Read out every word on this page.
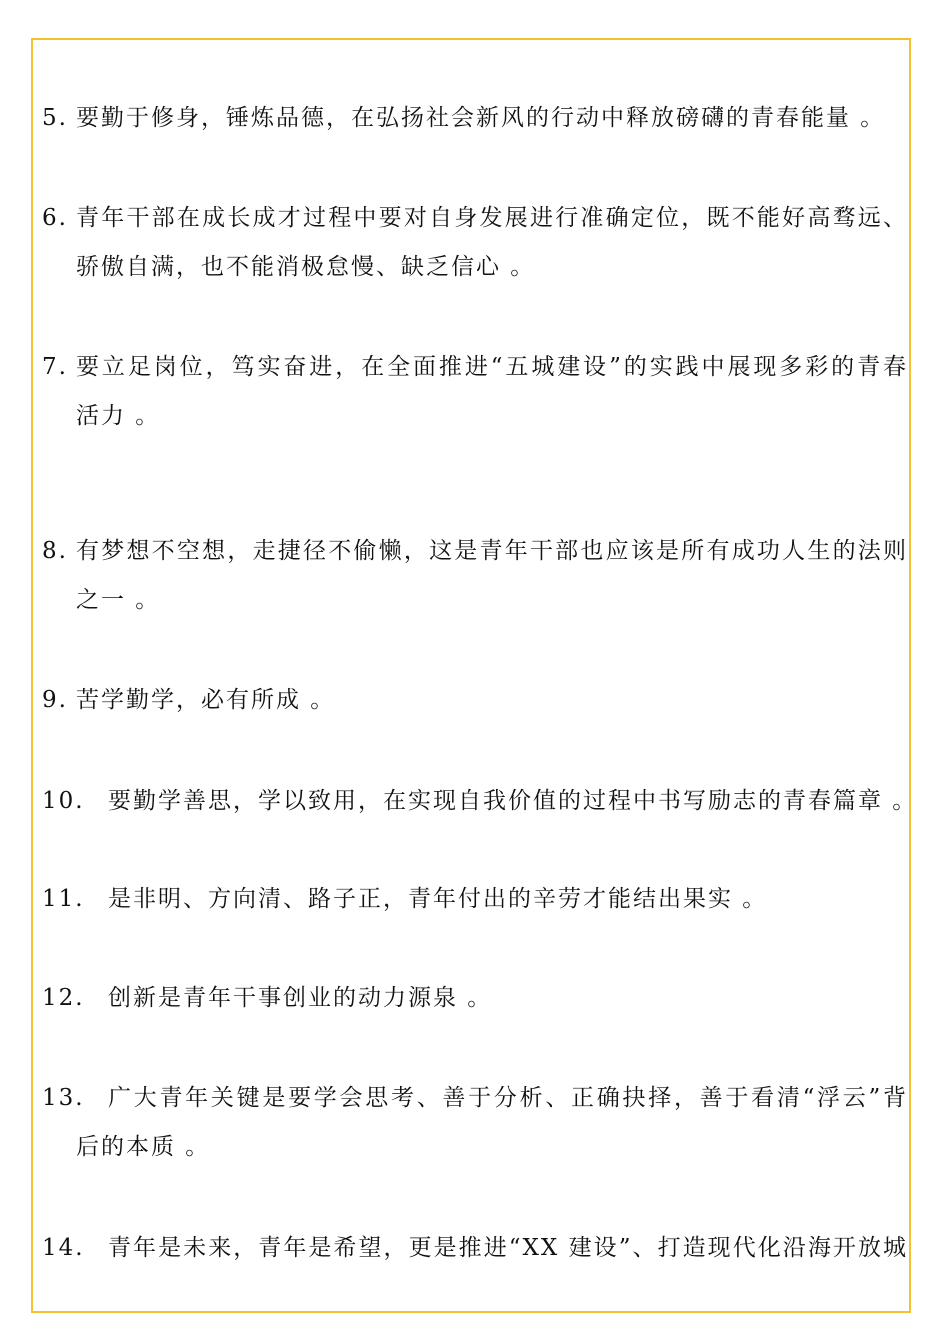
5. 要勤于修身，锤炼品德，在弘扬社会新风的行动中释放磅礴的青春能量 。
6. 青年干部在成长成才过程中要对自身发展进行准确定位，既不能好高骛远、
骄傲自满，也不能消极怠慢、缺乏信心 。
7. 要立足岗位，笃实奋进，在全面推进“五城建设”的实践中展现多彩的青春
活力 。
8. 有梦想不空想，走捷径不偷懒，这是青年干部也应该是所有成功人生的法则
之一 。
9. 苦学勤学，必有所成 。
10.	要勤学善思，学以致用，在实现自我价值的过程中书写励志的青春篇章 。
11.	是非明、方向清、路子正，青年付出的辛劳才能结出果实 。
12.	创新是青年干事创业的动力源泉 。
13.	广大青年关键是要学会思考、善于分析、正确抉择，善于看清“浮云”背
后的本质 。
14.	青年是未来，青年是希望，更是推进“XX 建设”、打造现代化沿海开放城
